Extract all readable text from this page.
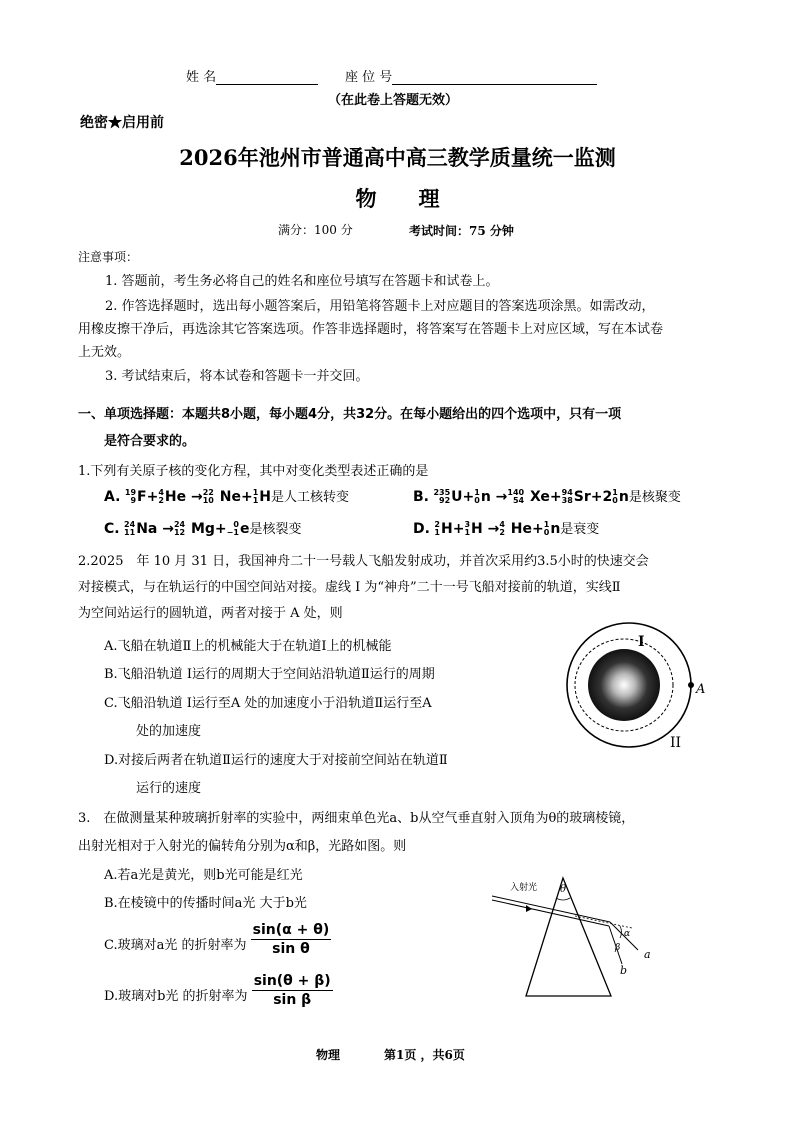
姓 名	座 位 号
（在此卷上答题无效）
绝密★启用前
2026年池州市普通高中高三教学质量统一监测
物　　理
满分：100 分	考试时间：75 分钟
注意事项：
1. 答题前，考生务必将自己的姓名和座位号填写在答题卡和试卷上。
2. 作答选择题时，选出每小题答案后，用铅笔将答题卡上对应题目的答案选项涂黑。如需改动，
用橡皮擦干净后，再选涂其它答案选项。作答非选择题时，将答案写在答题卡上对应区域，写在本试卷
上无效。
3. 考试结束后，将本试卷和答题卡一并交回。
一、单项选择题：本题共8小题，每小题4分，共32分。在每小题给出的四个选项中，只有一项
是符合要求的。
1.下列有关原子核的变化方程，其中对变化类型表述正确的是
A. 19
9 F+ 4
2 He → 22
10 Ne+ 1
1 H是人工核转变	B. 235
92 U+ 1
0 n → 140
54 Xe+ 94
38 Sr+2 1
0 n是核聚变
C. 24
11 Na → 24
12 Mg+ 0
−1 e是核裂变	D. 2
1 H+ 3
1 H → 4
2 He+ 1
0 n是衰变
2.2025　年 10 月 31 日，我国神舟二十一号载人飞船发射成功，并首次采用约3.5小时的快速交会
对接模式，与在轨运行的中国空间站对接。虚线 I 为“神舟”二十一号飞船对接前的轨道，实线Ⅱ
为空间站运行的圆轨道，两者对接于 A 处，则
A.飞船在轨道Ⅱ上的机械能大于在轨道I上的机械能
B.飞船沿轨道 Ⅰ运行的周期大于空间站沿轨道Ⅱ运行的周期
C.飞船沿轨道 Ⅰ运行至A 处的加速度小于沿轨道Ⅱ运行至A
处的加速度
D.对接后两者在轨道Ⅱ运行的速度大于对接前空间站在轨道Ⅱ
运行的速度
I
A
II
3.　在做测量某种玻璃折射率的实验中，两细束单色光a、b从空气垂直射入顶角为θ的玻璃棱镜，
出射光相对于入射光的偏转角分别为α和β，光路如图。则
A.若a光是黄光，则b光可能是红光
B.在棱镜中的传播时间a光 大于b光
C.玻璃对a光 的折射率为 $\frac{\sin(\alpha + \theta)}{\text{sin θ}}$
D.玻璃对b光 的折射率为 $\frac{\sin(\theta + \beta)}{\text{sin β}}$
入射光 θ
α
β a
b
物理	第1页 ，共6页
